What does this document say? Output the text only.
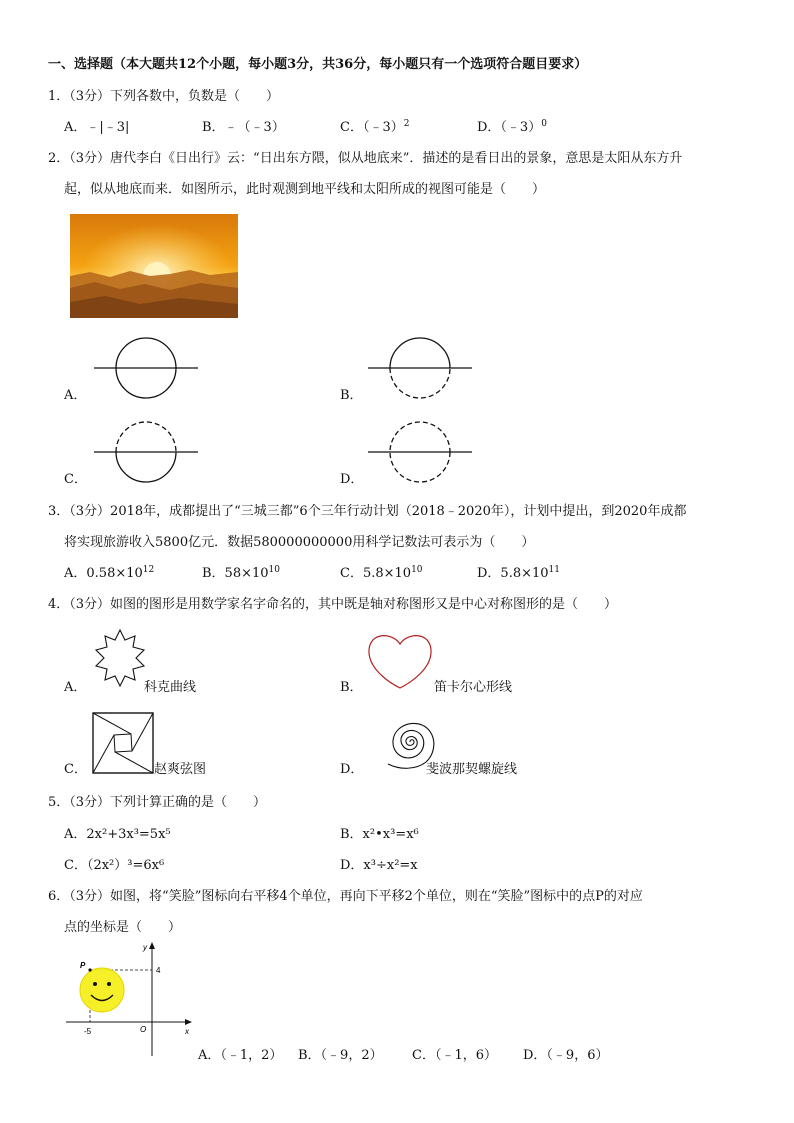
一、选择题（本大题共12个小题，每小题3分，共36分，每小题只有一个选项符合题目要求）
1．（3分）下列各数中，负数是（　　）
A．﹣|﹣3|	B．﹣（﹣3）	C．（﹣3）$^2$	D．（﹣3）$^0$
2．（3分）唐代李白《日出行》云：“日出东方隈，似从地底来”．描述的是看日出的景象，意思是太阳从东方升
起，似从地底而来．如图所示，此时观测到地平线和太阳所成的视图可能是（　　）
A．	B．
C．	D．
3．（3分）2018年，成都提出了“三城三都”6个三年行动计划（2018﹣2020年），计划中提出，到2020年成都
将实现旅游收入5800亿元．数据580000000000用科学记数法可表示为（　　）
A．$0.58\times 10^{12}$	B．$58\times 10^{10}$	C．$5.8\times 10^{10}$	D．$5.8\times 10^{11}$
4．（3分）如图的图形是用数学家名字命名的，其中既是轴对称图形又是中心对称图形的是（　　）
A．	科克曲线	B．	笛卡尔心形线
C．	赵爽弦图	D．	斐波那契螺旋线
5．（3分）下列计算正确的是（　　）
A．2x²+3x³=5x⁵	B．x²•x³=x⁶
C．（2x²）³=6x⁶	D．x³÷x²=x
6．（3分）如图，将“笑脸”图标向右平移4个单位，再向下平移2个单位，则在“笑脸”图标中的点P的对应
点的坐标是（　　）
y
4
P
-5	O	x
A．（﹣1，2） B．（﹣9，2） C．（﹣1，6） D．（﹣9，6）
